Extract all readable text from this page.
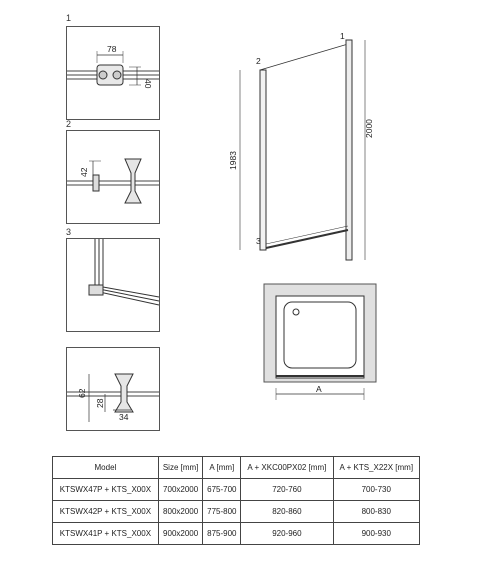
1
78
40
2
42
3
62
28
34
1
2
3
2000
1983
A
Model	Size [mm]	A [mm]	A + XKC00PX02 [mm]	A + KTS_X22X [mm]
KTSWX47P + KTS_X00X	700x2000	675-700	720-760	700-730
KTSWX42P + KTS_X00X	800x2000	775-800	820-860	800-830
KTSWX41P + KTS_X00X	900x2000	875-900	920-960	900-930
